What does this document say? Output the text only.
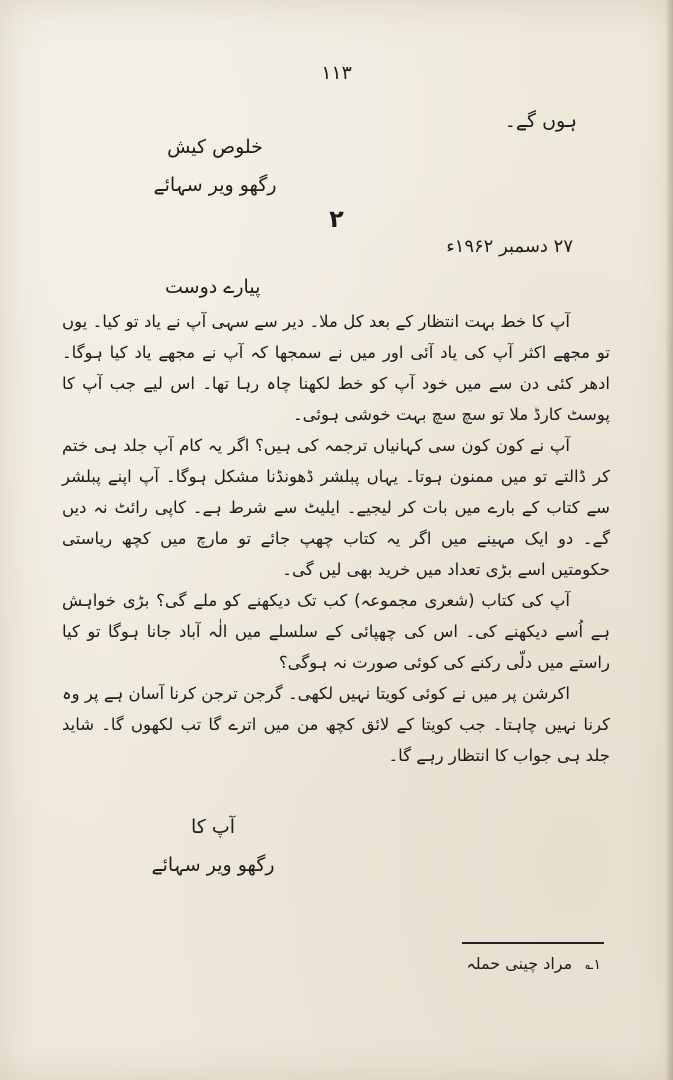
۱۱۳
ہوں گے۔
خلوص کیش
رگھو ویر سہائے
۲
۲۷ دسمبر ۱۹۶۲ء
پیارے دوست

آپ کا خط بہت انتظار کے بعد کل ملا۔ دیر سے سہی آپ نے یاد تو کیا۔ یوں تو مجھے اکثر آپ کی یاد آئی اور میں نے سمجھا کہ آپ نے مجھے یاد کیا ہوگا۔ ادھر کئی دن سے میں خود آپ کو خط لکھنا چاہ رہا تھا۔ اس لیے جب آپ کا پوسٹ کارڈ ملا تو سچ سچ بہت خوشی ہوئی۔

آپ نے کون کون سی کہانیاں ترجمہ کی ہیں؟ اگر یہ کام آپ جلد ہی ختم کر ڈالتے تو میں ممنون ہوتا۔ یہاں پبلشر ڈھونڈنا مشکل ہوگا۔ آپ اپنے پبلشر سے کتاب کے بارے میں بات کر لیجیے۔ ایلیٹ سے شرط ہے۔ کاپی رائٹ نہ دیں گے۔ دو ایک مہینے میں اگر یہ کتاب چھپ جائے تو مارچ میں کچھ ریاستی حکومتیں اسے بڑی تعداد میں خرید بھی لیں گی۔

آپ کی کتاب (شعری مجموعہ) کب تک دیکھنے کو ملے گی؟ بڑی خواہش ہے اُسے دیکھنے کی۔ اس کی چھپائی کے سلسلے میں الٰہ آباد جانا ہوگا تو کیا راستے میں دلّی رکنے کی کوئی صورت نہ ہوگی؟

اکرشن پر میں نے کوئی کویتا نہیں لکھی۔ گرجن ترجن کرنا آسان ہے پر وہ کرنا نہیں چاہتا۔ جب کویتا کے لائق کچھ من میں اترے گا تب لکھوں گا۔ شاید جلد ہی جواب کا انتظار رہے گا۔

آپ کا
رگھو ویر سہائے
۱؎ مراد چینی حملہ
